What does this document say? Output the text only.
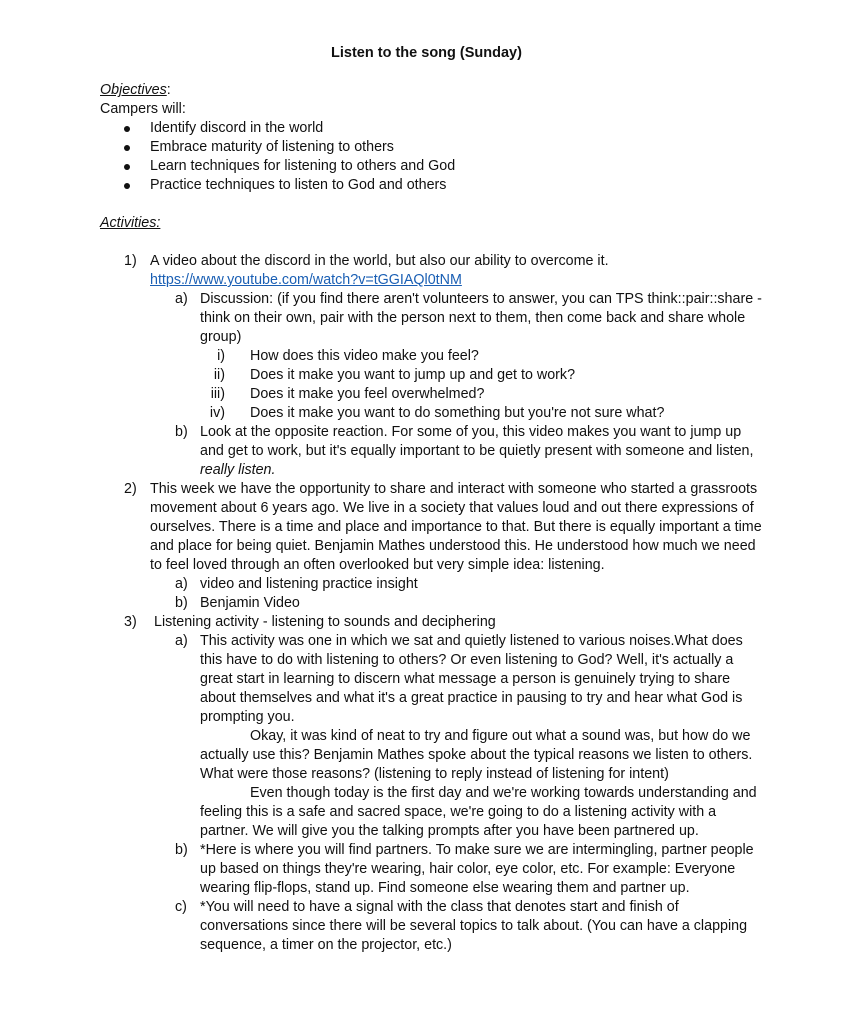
Listen to the song (Sunday)
Objectives:
Campers will:
Identify discord in the world
Embrace maturity of listening to others
Learn techniques for listening to others and God
Practice techniques to listen to God and others
Activities:
1) A video about the discord in the world, but also our ability to overcome it.
https://www.youtube.com/watch?v=tGGIAQl0tNM
a) Discussion: (if you find there aren't volunteers to answer, you can TPS think::pair::share -
think on their own, pair with the person next to them, then come back and share whole
group)
i) How does this video make you feel?
ii) Does it make you want to jump up and get to work?
iii) Does it make you feel overwhelmed?
iv) Does it make you want to do something but you're not sure what?
b) Look at the opposite reaction. For some of you, this video makes you want to jump up
and get to work, but it's equally important to be quietly present with someone and listen,
really listen.
2) This week we have the opportunity to share and interact with someone who started a grassroots
movement about 6 years ago. We live in a society that values loud and out there expressions of
ourselves. There is a time and place and importance to that. But there is equally important a time
and place for being quiet. Benjamin Mathes understood this. He understood how much we need
to feel loved through an often overlooked but very simple idea: listening.
a) video and listening practice insight
b) Benjamin Video
3) Listening activity - listening to sounds and deciphering
a) This activity was one in which we sat and quietly listened to various noises.What does
this have to do with listening to others? Or even listening to God? Well, it's actually a
great start in learning to discern what message a person is genuinely trying to share
about themselves and what it's a great practice in pausing to try and hear what God is
prompting you.
Okay, it was kind of neat to try and figure out what a sound was, but how do we
actually use this? Benjamin Mathes spoke about the typical reasons we listen to others.
What were those reasons? (listening to reply instead of listening for intent)
Even though today is the first day and we're working towards understanding and
feeling this is a safe and sacred space, we're going to do a listening activity with a
partner. We will give you the talking prompts after you have been partnered up.
b) *Here is where you will find partners. To make sure we are intermingling, partner people
up based on things they're wearing, hair color, eye color, etc. For example: Everyone
wearing flip-flops, stand up. Find someone else wearing them and partner up.
c) *You will need to have a signal with the class that denotes start and finish of
conversations since there will be several topics to talk about. (You can have a clapping
sequence, a timer on the projector, etc.)
